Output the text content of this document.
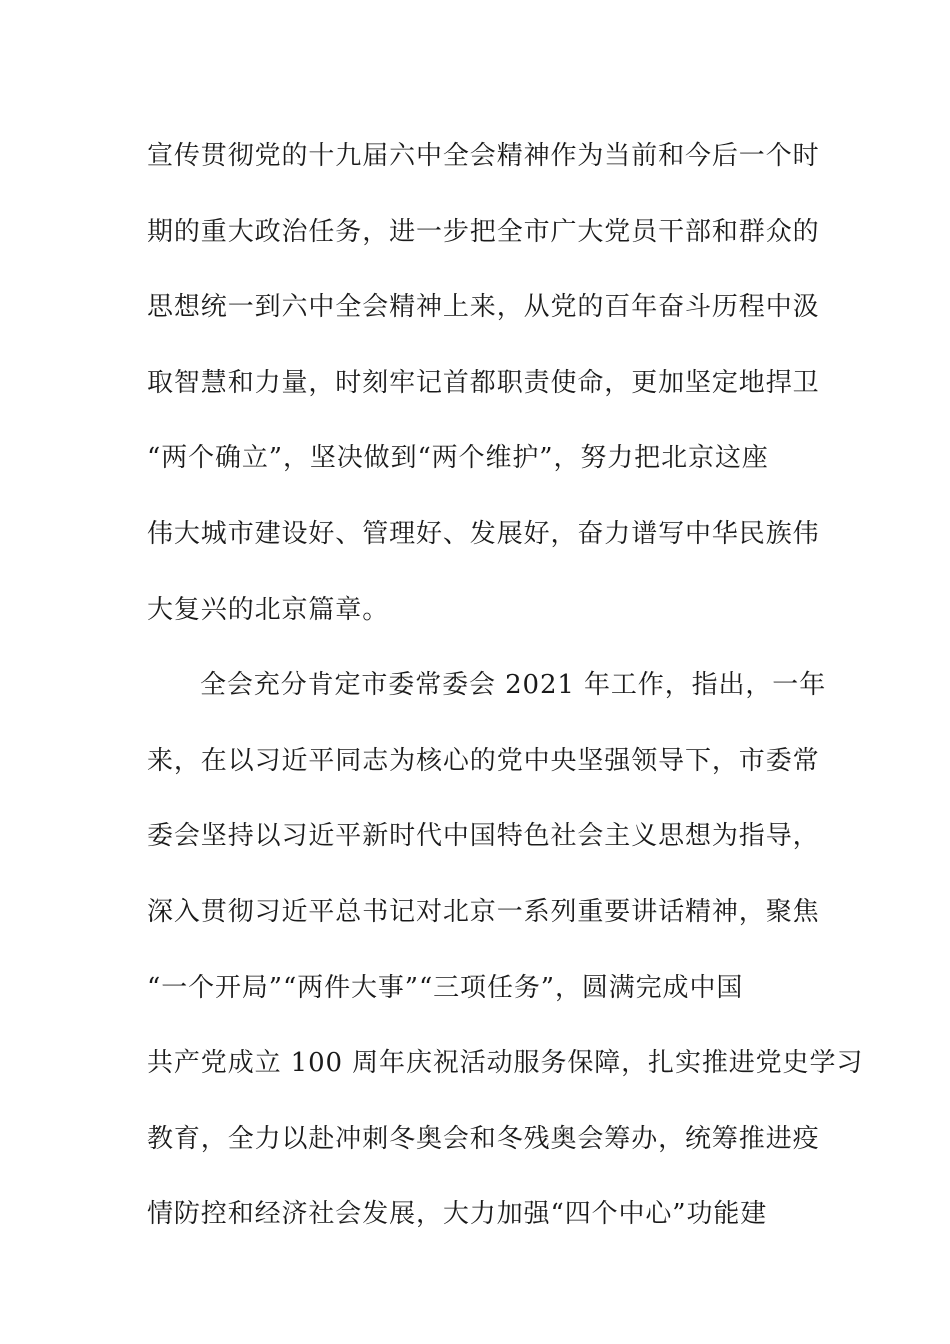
宣传贯彻党的十九届六中全会精神作为当前和今后一个时
期的重大政治任务，进一步把全市广大党员干部和群众的
思想统一到六中全会精神上来，从党的百年奋斗历程中汲
取智慧和力量，时刻牢记首都职责使命，更加坚定地捍卫
“两个确立”，坚决做到“两个维护”，努力把北京这座
伟大城市建设好、管理好、发展好，奋力谱写中华民族伟
大复兴的北京篇章。
全会充分肯定市委常委会 2021 年工作，指出，一年
来，在以习近平同志为核心的党中央坚强领导下，市委常
委会坚持以习近平新时代中国特色社会主义思想为指导，
深入贯彻习近平总书记对北京一系列重要讲话精神，聚焦
“一个开局”“两件大事”“三项任务”，圆满完成中国
共产党成立 100 周年庆祝活动服务保障，扎实推进党史学习
教育，全力以赴冲刺冬奥会和冬残奥会筹办，统筹推进疫
情防控和经济社会发展，大力加强“四个中心”功能建
